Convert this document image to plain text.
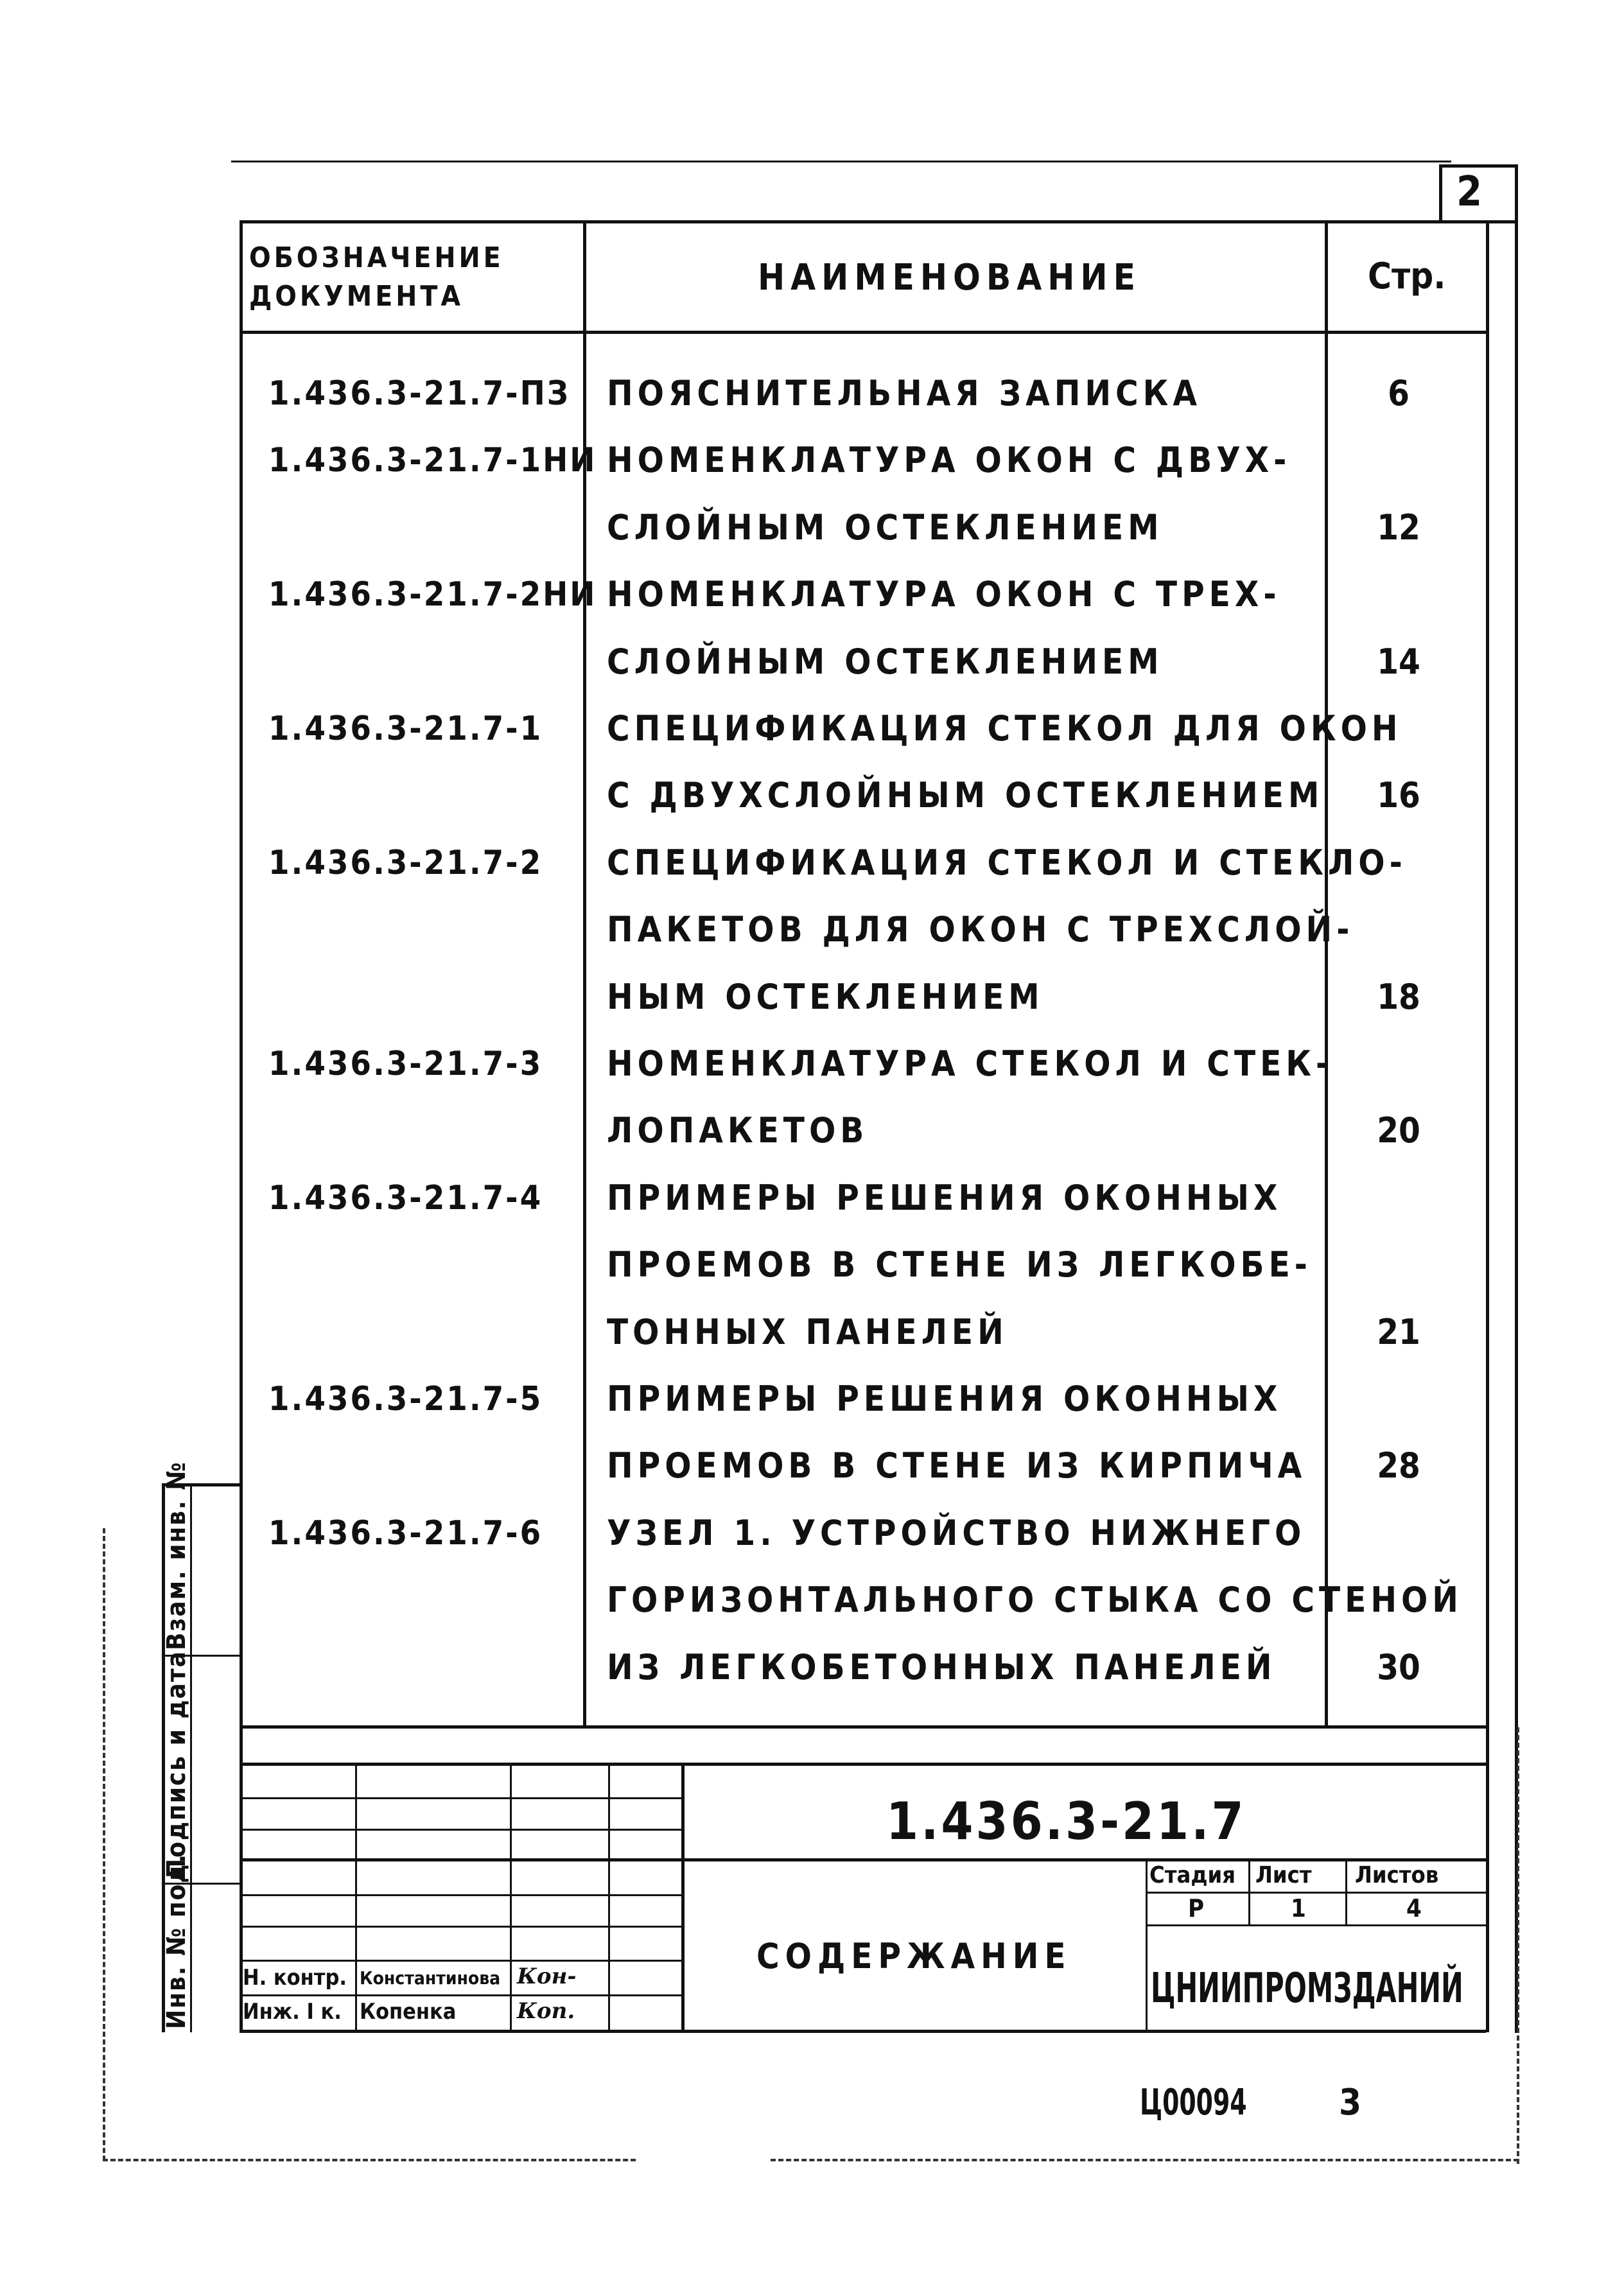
2
ОБОЗНАЧЕНИЕ ДОКУМЕНТА	НАИМЕНОВАНИЕ	Стр.
1.436.3-21.7-ПЗ ПОЯСНИТЕЛЬНАЯ ЗАПИСКА	6
1.436.3-21.7-1НИ НОМЕНКЛАТУРА ОКОН С ДВУХ-
СЛОЙНЫМ ОСТЕКЛЕНИЕМ	12
1.436.3-21.7-2НИ НОМЕНКЛАТУРА ОКОН С ТРЕХ-
СЛОЙНЫМ ОСТЕКЛЕНИЕМ	14
1.436.3-21.7-1 СПЕЦИФИКАЦИЯ СТЕКОЛ ДЛЯ ОКОН
С ДВУХСЛОЙНЫМ ОСТЕКЛЕНИЕМ	16
1.436.3-21.7-2 СПЕЦИФИКАЦИЯ СТЕКОЛ И СТЕКЛО-
ПАКЕТОВ ДЛЯ ОКОН С ТРЕХСЛОЙ-
НЫМ ОСТЕКЛЕНИЕМ	18
1.436.3-21.7-3 НОМЕНКЛАТУРА СТЕКОЛ И СТЕК-
ЛОПАКЕТОВ	20
1.436.3-21.7-4 ПРИМЕРЫ РЕШЕНИЯ ОКОННЫХ
ПРОЕМОВ В СТЕНЕ ИЗ ЛЕГКОБЕ-
ТОННЫХ ПАНЕЛЕЙ	21
1.436.3-21.7-5 ПРИМЕРЫ РЕШЕНИЯ ОКОННЫХ
ПРОЕМОВ В СТЕНЕ ИЗ КИРПИЧА	28
1.436.3-21.7-6 УЗЕЛ 1. УСТРОЙСТВО НИЖНЕГО
ГОРИЗОНТАЛЬНОГО СТЫКА СО СТЕНОЙ
ИЗ ЛЕГКОБЕТОННЫХ ПАНЕЛЕЙ	30
Инв. № под.
Подпись и дата
Взам. инв. №
1.436.3-21.7
СОДЕРЖАНИЕ
Стадия Лист Листов
Р	1	4
ЦНИИПРОМЗДАНИЙ
Н. контр. Константинова Кон-
Инж. I к. Копенка	Коп.
Ц00094	3
